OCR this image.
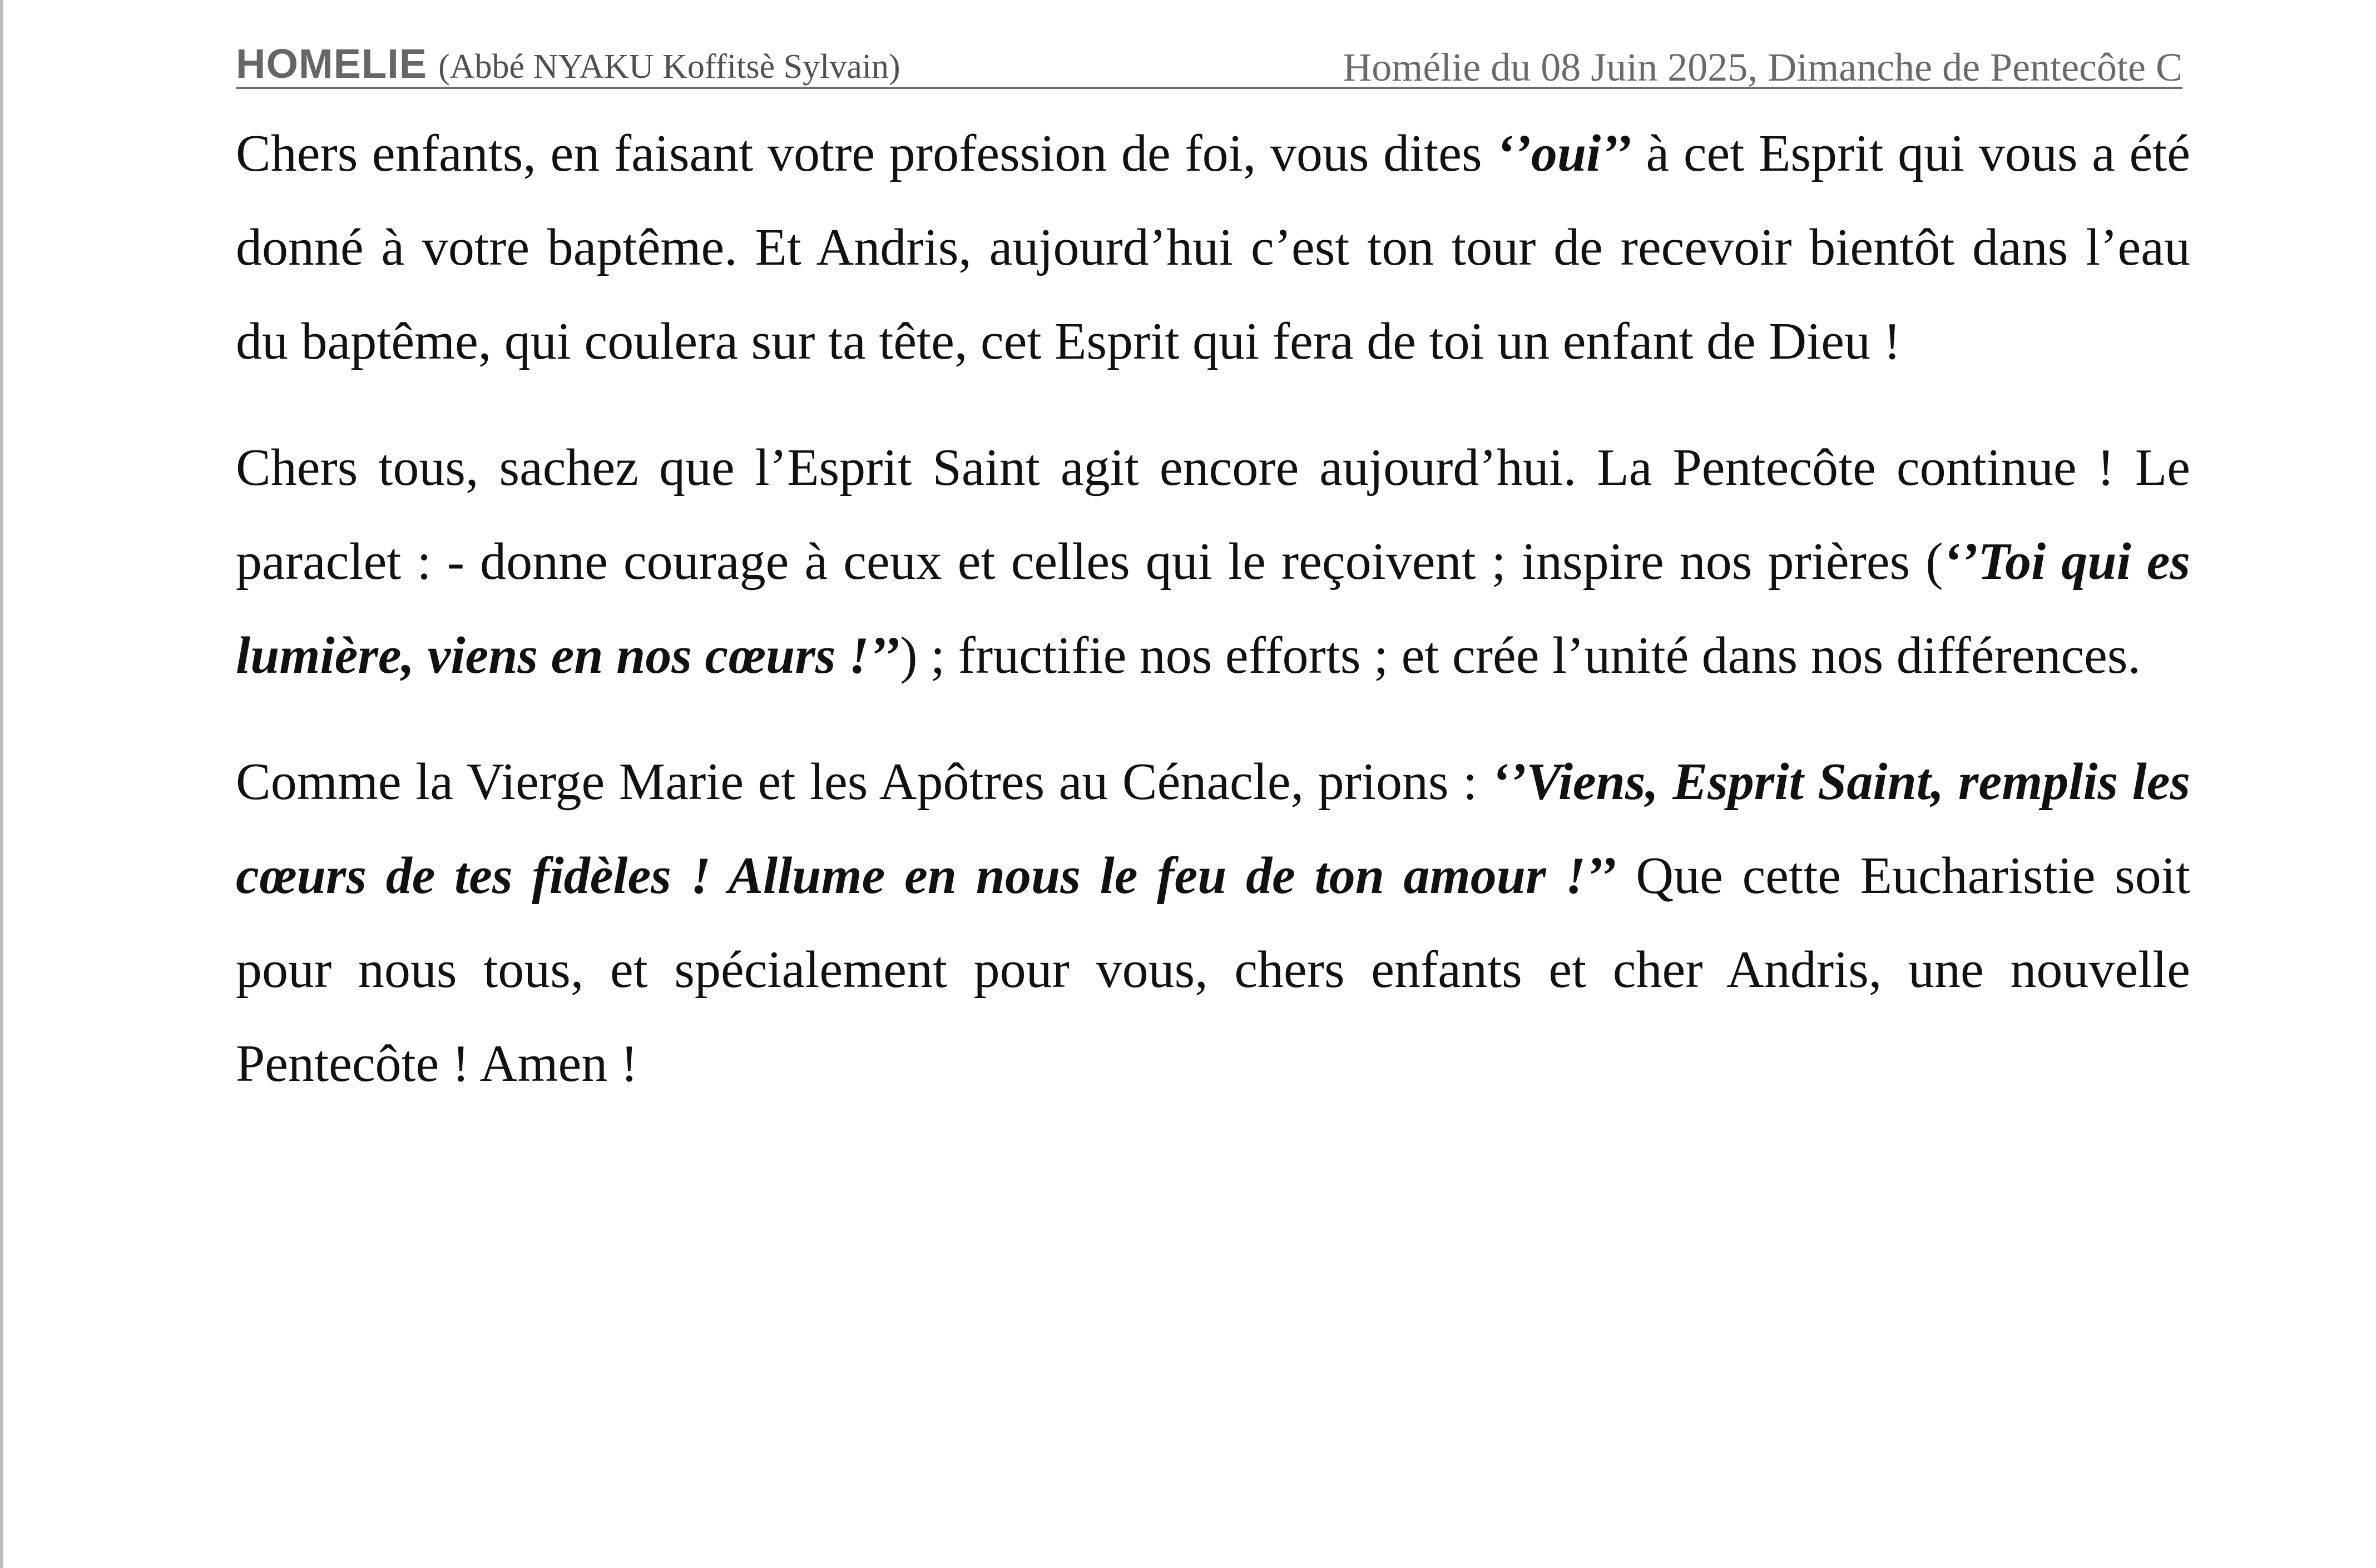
HOMELIE (Abbé NYAKU Koffitsè Sylvain)	Homélie du 08 Juin 2025, Dimanche de Pentecôte C

Chers enfants, en faisant votre profession de foi, vous dites ‘’oui’’ à cet Esprit qui vous a été donné à votre baptême. Et Andris, aujourd’hui c’est ton tour de recevoir bientôt dans l’eau du baptême, qui coulera sur ta tête, cet Esprit qui fera de toi un enfant de Dieu !

Chers tous, sachez que l’Esprit Saint agit encore aujourd’hui. La Pentecôte continue ! Le paraclet : - donne courage à ceux et celles qui le reçoivent ; inspire nos prières (‘’Toi qui es lumière, viens en nos cœurs !’’) ; fructifie nos efforts ; et crée l’unité dans nos différences.

Comme la Vierge Marie et les Apôtres au Cénacle, prions : ‘’Viens, Esprit Saint, remplis les cœurs de tes fidèles ! Allume en nous le feu de ton amour !’’ Que cette Eucharistie soit pour nous tous, et spécialement pour vous, chers enfants et cher Andris, une nouvelle Pentecôte ! Amen !
